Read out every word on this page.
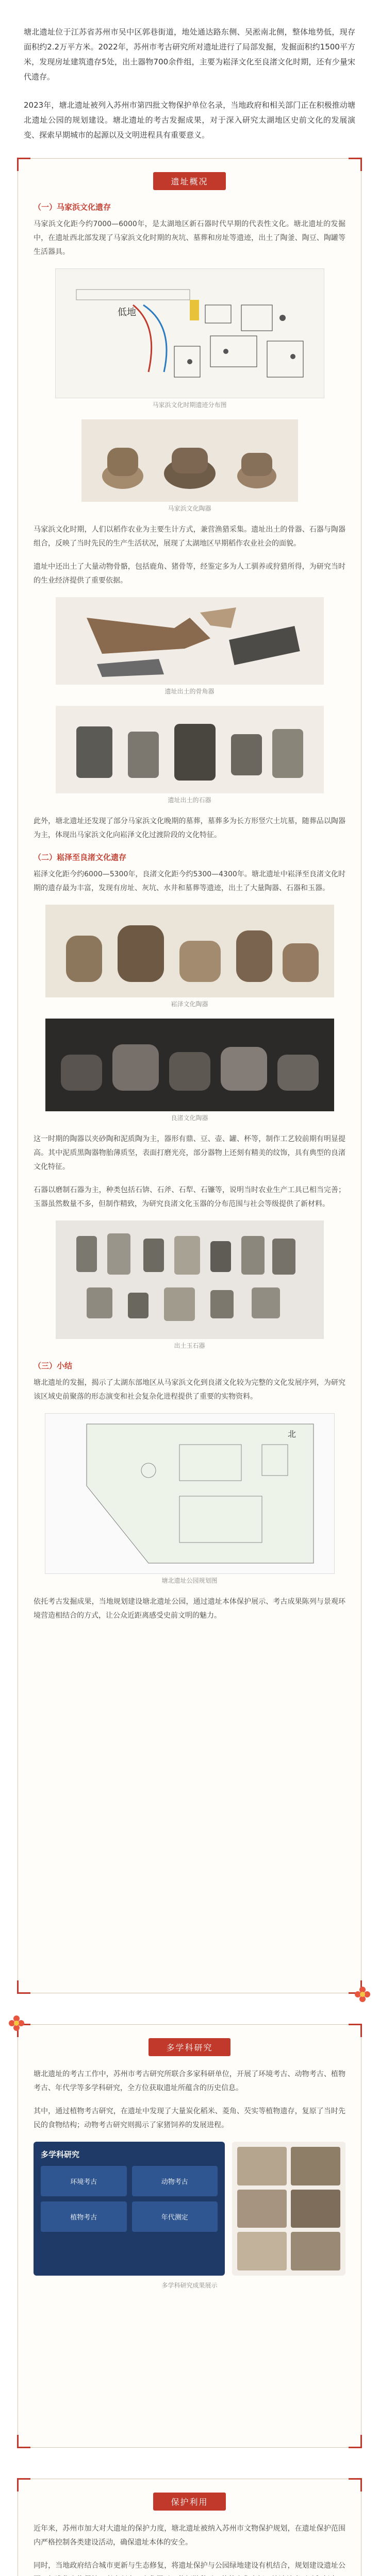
塘北遗址位于江苏省苏州市吴中区郭巷街道，地处通达路东侧、吴淞南北侧，整体地势低，现存面积约2.2万平方米。2022年，苏州市考古研究所对遗址进行了局部发掘，发掘面积约1500平方米，发现房址建筑遗存5处，出土器物700余件组，主要为崧泽文化至良渚文化时期，还有少量宋代遗存。

2023年，塘北遗址被列入苏州市第四批文物保护单位名录，当地政府和相关部门正在积极推动塘北遗址公园的规划建设。塘北遗址的考古发掘成果，对于深入研究太湖地区史前文化的发展演变、探索早期城市的起源以及文明进程具有重要意义。

遗址概况
（一）马家浜文化遗存

马家浜文化距今约7000—6000年，是太湖地区新石器时代早期的代表性文化。塘北遗址的发掘中，在遗址西北部发现了马家浜文化时期的灰坑、墓葬和房址等遗迹，出土了陶釜、陶豆、陶罐等生活器具。

低地
马家浜文化时期遗迹分布图
马家浜文化陶器

马家浜文化时期，人们以稻作农业为主要生计方式，兼营渔猎采集。遗址出土的骨器、石器与陶器组合，反映了当时先民的生产生活状况，展现了太湖地区早期稻作农业社会的面貌。

遗址中还出土了大量动物骨骼，包括鹿角、猪骨等，经鉴定多为人工驯养或狩猎所得，为研究当时的生业经济提供了重要依据。

遗址出土的骨角器
遗址出土的石器

此外，塘北遗址还发现了部分马家浜文化晚期的墓葬，墓葬多为长方形竖穴土坑墓，随葬品以陶器为主，体现出马家浜文化向崧泽文化过渡阶段的文化特征。

（二）崧泽至良渚文化遗存

崧泽文化距今约6000—5300年，良渚文化距今约5300—4300年。塘北遗址中崧泽至良渚文化时期的遗存最为丰富，发现有房址、灰坑、水井和墓葬等遗迹，出土了大量陶器、石器和玉器。

崧泽文化陶器
良渚文化陶器

这一时期的陶器以夹砂陶和泥质陶为主，器形有鼎、豆、壶、罐、杯等，制作工艺较前期有明显提高。其中泥质黑陶器物胎薄质坚，表面打磨光亮，部分器物上还刻有精美的纹饰，具有典型的良渚文化特征。

石器以磨制石器为主，种类包括石锛、石斧、石犁、石镰等，说明当时农业生产工具已相当完善；玉器虽然数量不多，但制作精致，为研究良渚文化玉器的分布范围与社会等级提供了新材料。

出土玉石器
（三）小结

塘北遗址的发掘，揭示了太湖东部地区从马家浜文化到良渚文化较为完整的文化发展序列，为研究该区域史前聚落的形态演变和社会复杂化进程提供了重要的实物资料。

北
塘北遗址公园规划图

依托考古发掘成果，当地规划建设塘北遗址公园，通过遗址本体保护展示、考古成果陈列与景观环境营造相结合的方式，让公众近距离感受史前文明的魅力。

多学科研究

塘北遗址的考古工作中，苏州市考古研究所联合多家科研单位，开展了环境考古、动物考古、植物考古、年代学等多学科研究，全方位获取遗址所蕴含的历史信息。

其中，通过植物考古研究，在遗址中发现了大量炭化稻米、菱角、芡实等植物遗存，复原了当时先民的食物结构；动物考古研究则揭示了家猪饲养的发展进程。

多学科研究
环境考古	动物考古
植物考古	年代测定
多学科研究成果展示
保护利用

近年来，苏州市加大对大遗址的保护力度，塘北遗址被纳入苏州市文物保护规划，在遗址保护范围内严格控制各类建设活动，确保遗址本体的安全。

同时，当地政府结合城市更新与生态修复，将遗址保护与公园绿地建设有机结合，规划建设遗址公
